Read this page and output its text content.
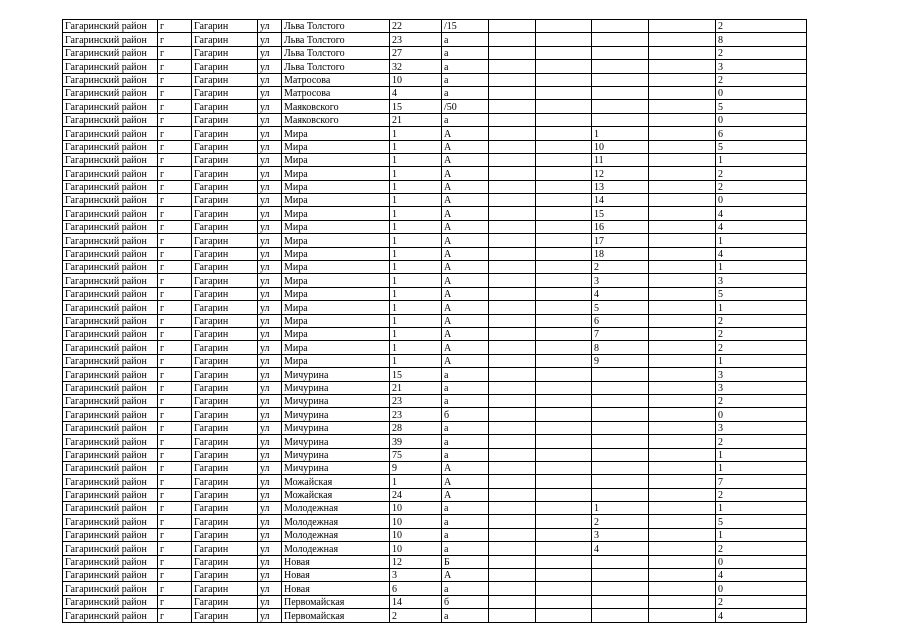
Гагаринский район	г	Гагарин	ул	Льва Толстого	22	/15					2
Гагаринский район	г	Гагарин	ул	Льва Толстого	23	а					8
Гагаринский район	г	Гагарин	ул	Льва Толстого	27	а					2
Гагаринский район	г	Гагарин	ул	Льва Толстого	32	а					3
Гагаринский район	г	Гагарин	ул	Матросова	10	а					2
Гагаринский район	г	Гагарин	ул	Матросова	4	а					0
Гагаринский район	г	Гагарин	ул	Маяковского	15	/50					5
Гагаринский район	г	Гагарин	ул	Маяковского	21	а					0
Гагаринский район	г	Гагарин	ул	Мира	1	А			1		6
Гагаринский район	г	Гагарин	ул	Мира	1	А			10		5
Гагаринский район	г	Гагарин	ул	Мира	1	А			11		1
Гагаринский район	г	Гагарин	ул	Мира	1	А			12		2
Гагаринский район	г	Гагарин	ул	Мира	1	А			13		2
Гагаринский район	г	Гагарин	ул	Мира	1	А			14		0
Гагаринский район	г	Гагарин	ул	Мира	1	А			15		4
Гагаринский район	г	Гагарин	ул	Мира	1	А			16		4
Гагаринский район	г	Гагарин	ул	Мира	1	А			17		1
Гагаринский район	г	Гагарин	ул	Мира	1	А			18		4
Гагаринский район	г	Гагарин	ул	Мира	1	А			2		1
Гагаринский район	г	Гагарин	ул	Мира	1	А			3		3
Гагаринский район	г	Гагарин	ул	Мира	1	А			4		5
Гагаринский район	г	Гагарин	ул	Мира	1	А			5		1
Гагаринский район	г	Гагарин	ул	Мира	1	А			6		2
Гагаринский район	г	Гагарин	ул	Мира	1	А			7		2
Гагаринский район	г	Гагарин	ул	Мира	1	А			8		2
Гагаринский район	г	Гагарин	ул	Мира	1	А			9		1
Гагаринский район	г	Гагарин	ул	Мичурина	15	а					3
Гагаринский район	г	Гагарин	ул	Мичурина	21	а					3
Гагаринский район	г	Гагарин	ул	Мичурина	23	а					2
Гагаринский район	г	Гагарин	ул	Мичурина	23	б					0
Гагаринский район	г	Гагарин	ул	Мичурина	28	а					3
Гагаринский район	г	Гагарин	ул	Мичурина	39	а					2
Гагаринский район	г	Гагарин	ул	Мичурина	75	а					1
Гагаринский район	г	Гагарин	ул	Мичурина	9	А					1
Гагаринский район	г	Гагарин	ул	Можайская	1	А					7
Гагаринский район	г	Гагарин	ул	Можайская	24	А					2
Гагаринский район	г	Гагарин	ул	Молодежная	10	а			1		1
Гагаринский район	г	Гагарин	ул	Молодежная	10	а			2		5
Гагаринский район	г	Гагарин	ул	Молодежная	10	а			3		1
Гагаринский район	г	Гагарин	ул	Молодежная	10	а			4		2
Гагаринский район	г	Гагарин	ул	Новая	12	Б					0
Гагаринский район	г	Гагарин	ул	Новая	3	А					4
Гагаринский район	г	Гагарин	ул	Новая	6	а					0
Гагаринский район	г	Гагарин	ул	Первомайская	14	б					2
Гагаринский район	г	Гагарин	ул	Первомайская	2	а					4
